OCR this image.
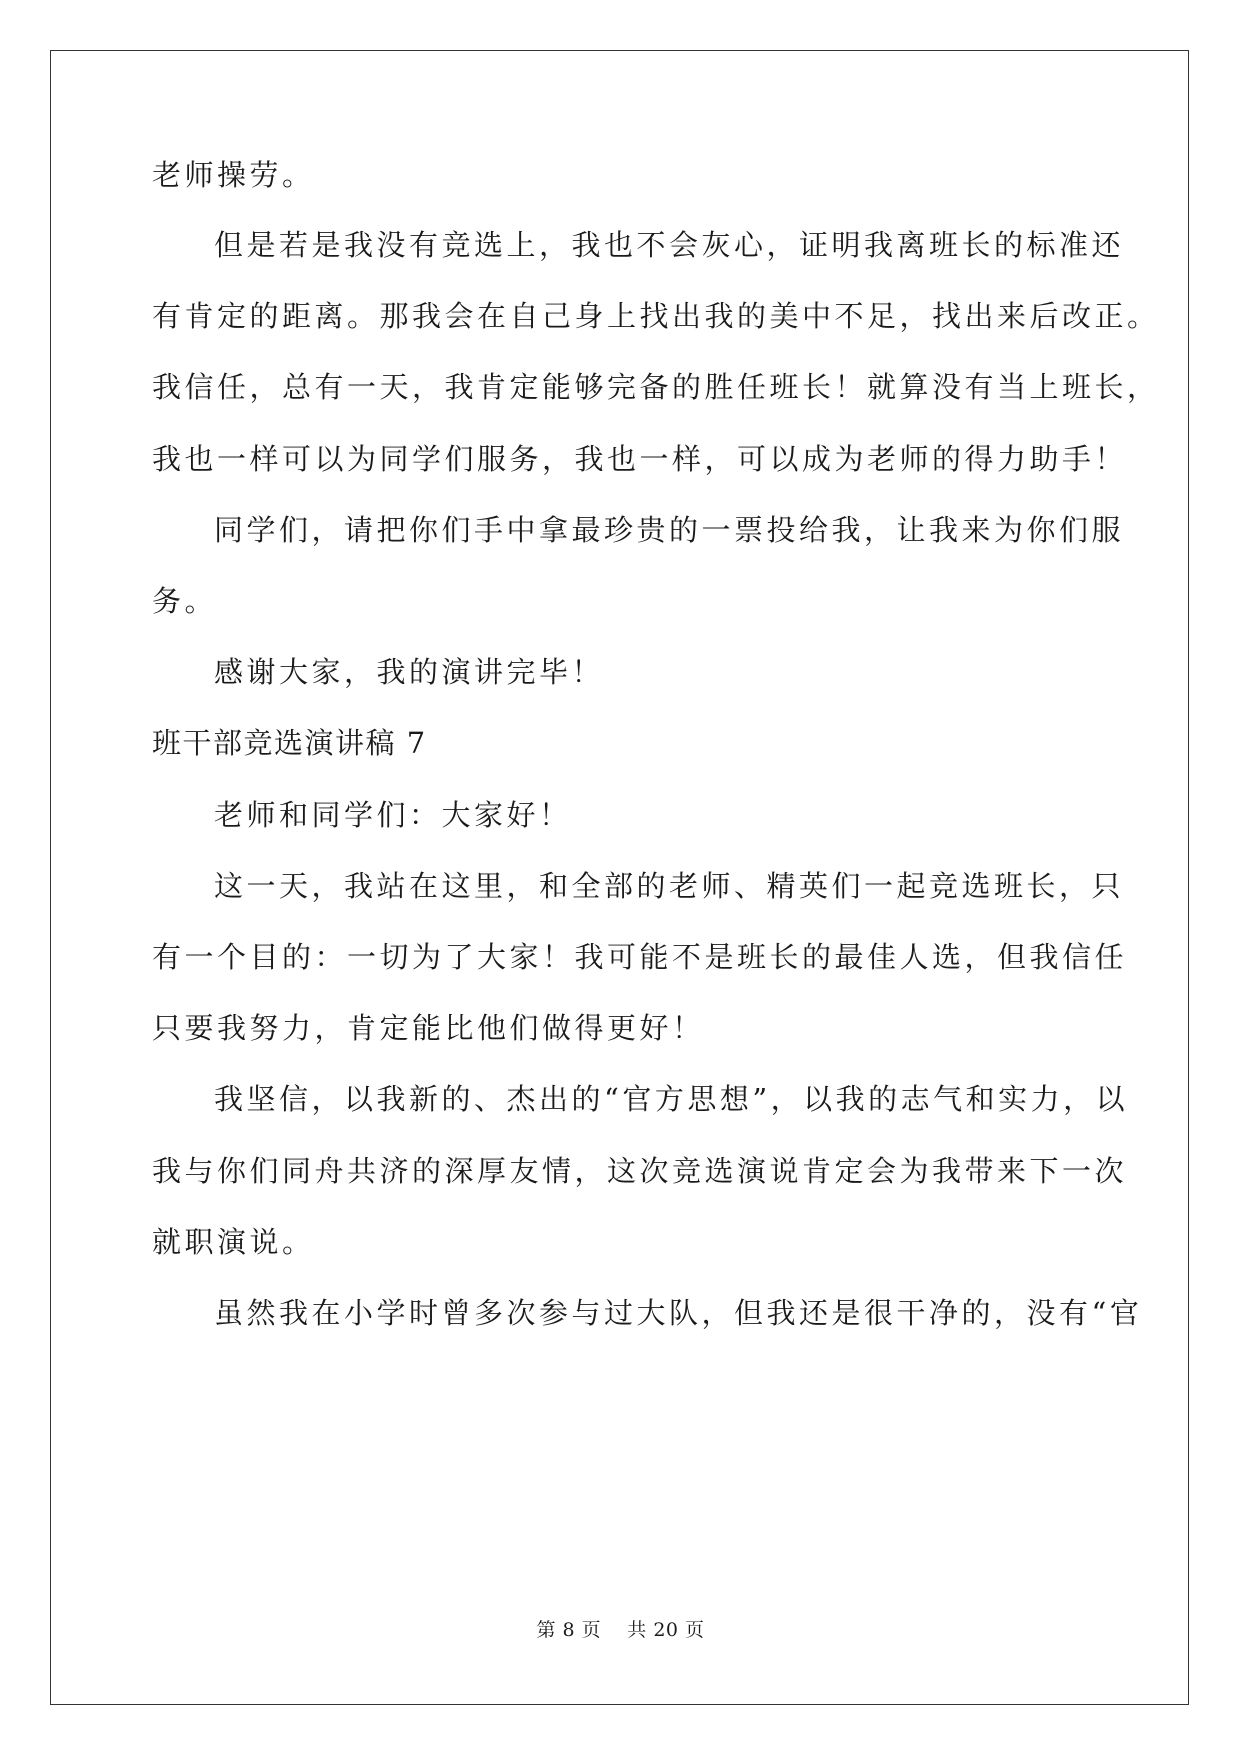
老师操劳。

但是若是我没有竞选上，我也不会灰心，证明我离班长的标准还

有肯定的距离。那我会在自己身上找出我的美中不足，找出来后改正。

我信任，总有一天，我肯定能够完备的胜任班长！就算没有当上班长，

我也一样可以为同学们服务，我也一样，可以成为老师的得力助手！

同学们，请把你们手中拿最珍贵的一票投给我，让我来为你们服

务。

感谢大家，我的演讲完毕！

班干部竞选演讲稿 7

老师和同学们：大家好！

这一天，我站在这里，和全部的老师、精英们一起竞选班长，只

有一个目的：一切为了大家！我可能不是班长的最佳人选，但我信任

只要我努力，肯定能比他们做得更好！

我坚信，以我新的、杰出的“官方思想”，以我的志气和实力，以

我与你们同舟共济的深厚友情，这次竞选演说肯定会为我带来下一次

就职演说。

虽然我在小学时曾多次参与过大队，但我还是很干净的，没有“官

第 8 页    共 20 页
